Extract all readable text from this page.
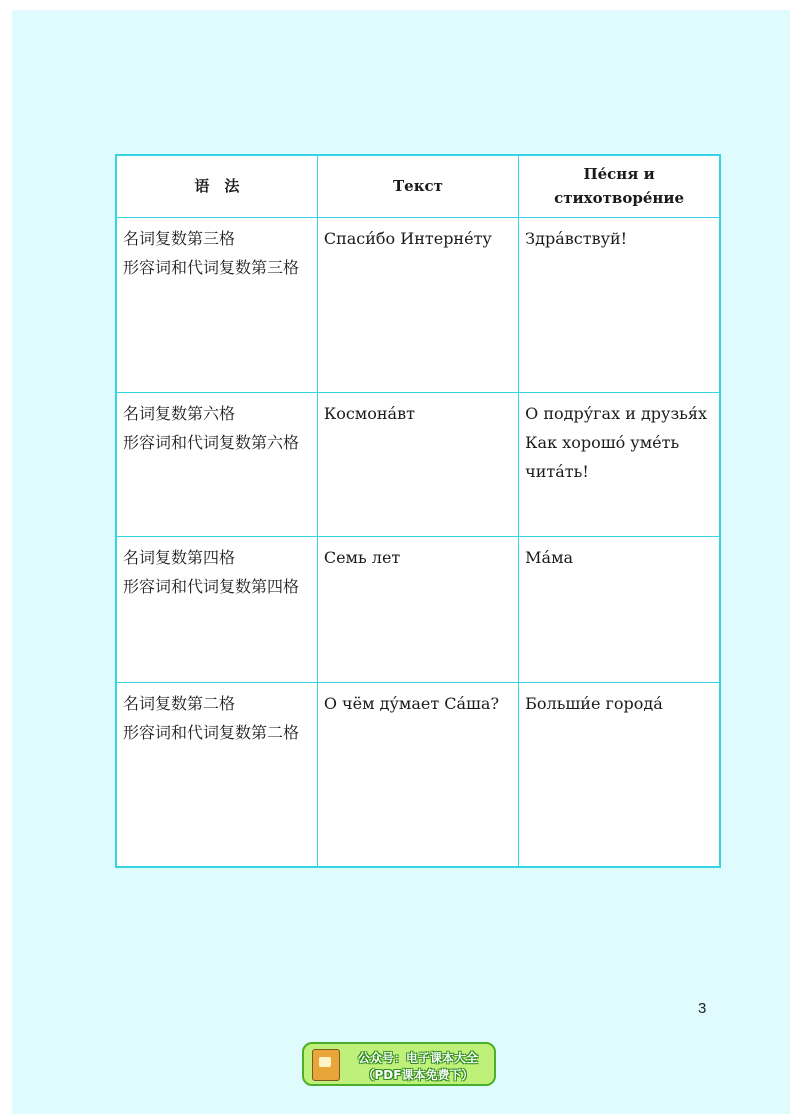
语　法	Текст	Пе́сня и
стихотворе́ние

名词复数第三格
形容词和代词复数第三格	Спаси́бо Интерне́ту	Здра́вствуй!

名词复数第六格
形容词和代词复数第六格	Космона́вт	О подру́гах и друзья́х
Как хорошо́ уме́ть
чита́ть!

名词复数第四格
形容词和代词复数第四格	Семь лет	Ма́ма

名词复数第二格
形容词和代词复数第二格	О чём ду́мает Са́ша?	Больши́е города́
3
公众号：电子课本大全
（PDF课本免费下）
